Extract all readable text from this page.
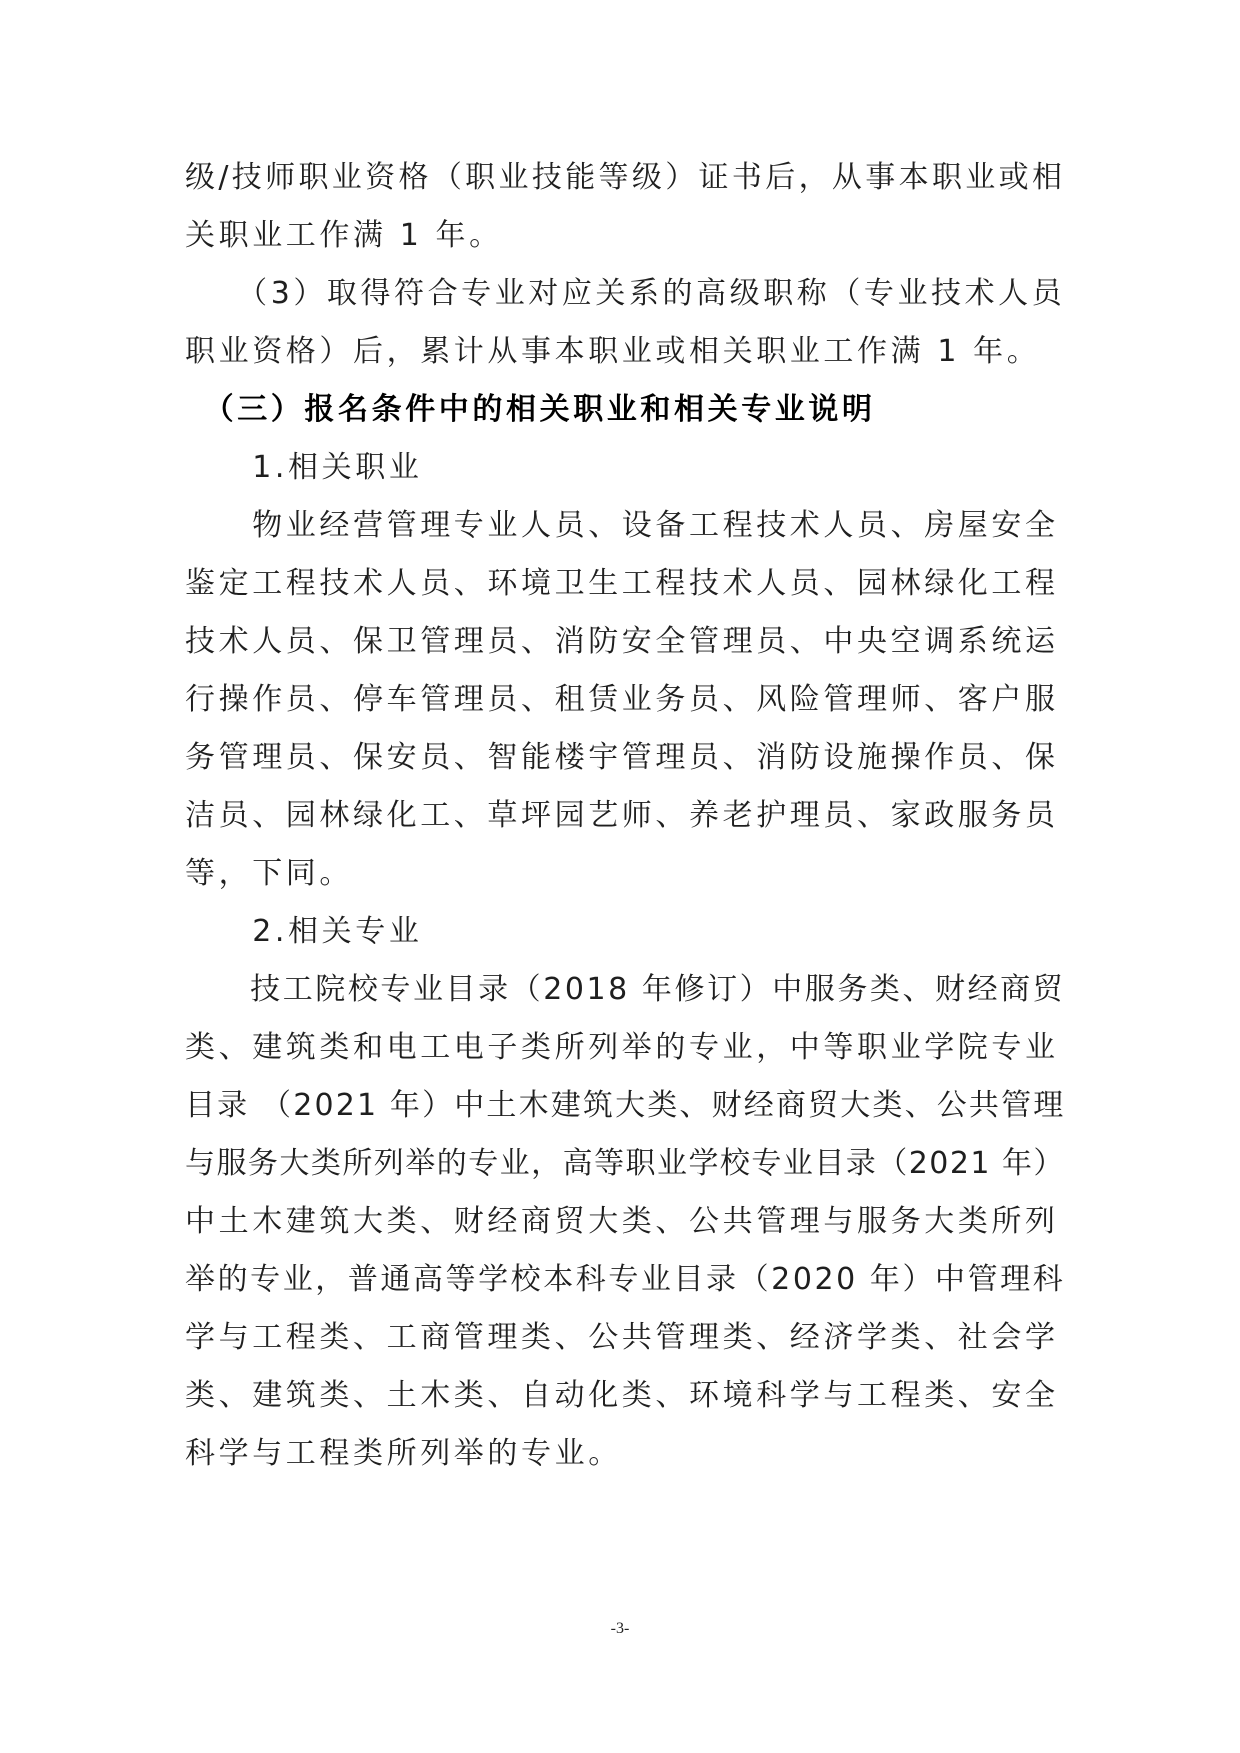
级/技师职业资格（职业技能等级）证书后，从事本职业或相
关职业工作满 1 年。
　　（3）取得符合专业对应关系的高级职称（专业技术人员
职业资格）后，累计从事本职业或相关职业工作满 1 年。
　（三）报名条件中的相关职业和相关专业说明
　　1.相关职业
　　物业经营管理专业人员、设备工程技术人员、房屋安全
鉴定工程技术人员、环境卫生工程技术人员、园林绿化工程
技术人员、保卫管理员、消防安全管理员、中央空调系统运
行操作员、停车管理员、租赁业务员、风险管理师、客户服
务管理员、保安员、智能楼宇管理员、消防设施操作员、保
洁员、园林绿化工、草坪园艺师、养老护理员、家政服务员
等，下同。
　　2.相关专业
　　技工院校专业目录（2018 年修订）中服务类、财经商贸
类、建筑类和电工电子类所列举的专业，中等职业学院专业
目录 （2021 年）中土木建筑大类、财经商贸大类、公共管理
与服务大类所列举的专业，高等职业学校专业目录（2021 年）
中土木建筑大类、财经商贸大类、公共管理与服务大类所列
举的专业，普通高等学校本科专业目录（2020 年）中管理科
学与工程类、工商管理类、公共管理类、经济学类、社会学
类、建筑类、土木类、自动化类、环境科学与工程类、安全
科学与工程类所列举的专业。
-3-
